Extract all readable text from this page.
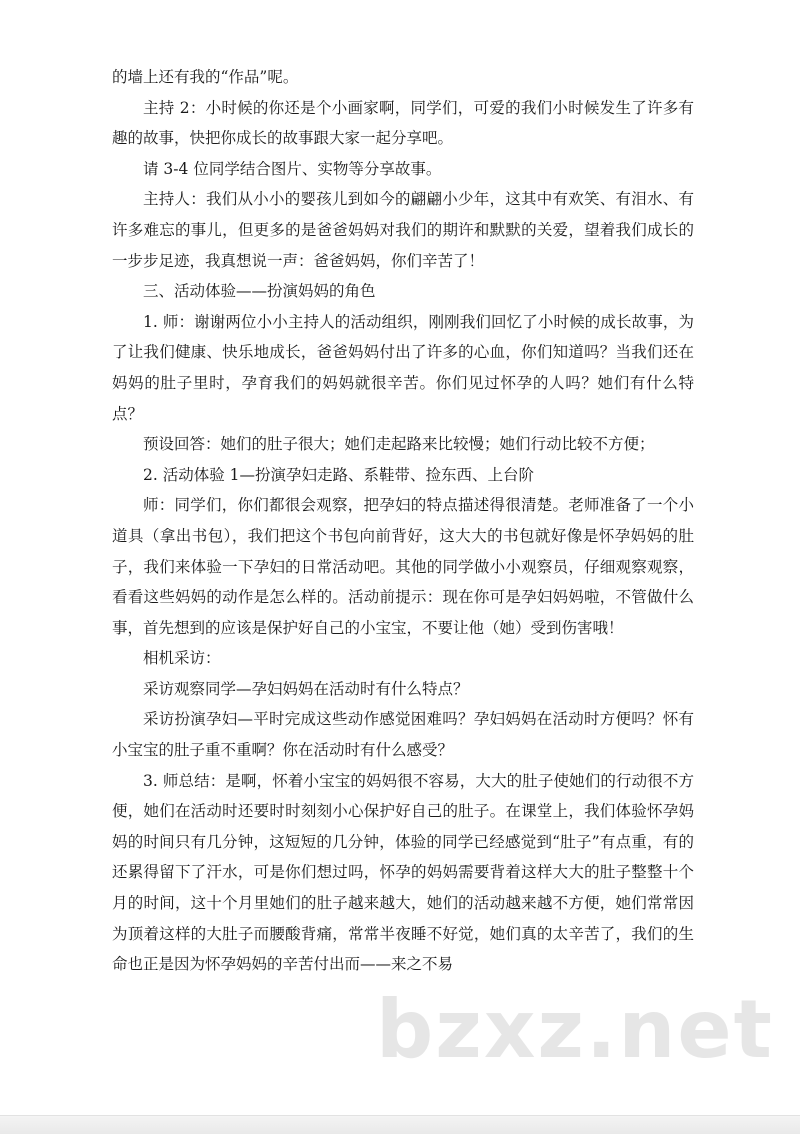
的墙上还有我的“作品”呢。

主持 2：小时候的你还是个小画家啊，同学们，可爱的我们小时候发生了许多有趣的故事，快把你成长的故事跟大家一起分享吧。

请 3-4 位同学结合图片、实物等分享故事。

主持人：我们从小小的婴孩儿到如今的翩翩小少年，这其中有欢笑、有泪水、有许多难忘的事儿，但更多的是爸爸妈妈对我们的期许和默默的关爱，望着我们成长的一步步足迹，我真想说一声：爸爸妈妈，你们辛苦了！

三、活动体验——扮演妈妈的角色

1. 师：谢谢两位小小主持人的活动组织，刚刚我们回忆了小时候的成长故事，为了让我们健康、快乐地成长，爸爸妈妈付出了许多的心血，你们知道吗？当我们还在妈妈的肚子里时，孕育我们的妈妈就很辛苦。你们见过怀孕的人吗？她们有什么特点？

预设回答：她们的肚子很大；她们走起路来比较慢；她们行动比较不方便；

2. 活动体验 1—扮演孕妇走路、系鞋带、捡东西、上台阶

师：同学们，你们都很会观察，把孕妇的特点描述得很清楚。老师准备了一个小道具（拿出书包），我们把这个书包向前背好，这大大的书包就好像是怀孕妈妈的肚子，我们来体验一下孕妇的日常活动吧。其他的同学做小小观察员，仔细观察观察，看看这些妈妈的动作是怎么样的。活动前提示：现在你可是孕妇妈妈啦，不管做什么事，首先想到的应该是保护好自己的小宝宝，不要让他（她）受到伤害哦！

相机采访：

采访观察同学—孕妇妈妈在活动时有什么特点？

采访扮演孕妇—平时完成这些动作感觉困难吗？孕妇妈妈在活动时方便吗？怀有小宝宝的肚子重不重啊？你在活动时有什么感受？

3. 师总结：是啊，怀着小宝宝的妈妈很不容易，大大的肚子使她们的行动很不方便，她们在活动时还要时时刻刻小心保护好自己的肚子。在课堂上，我们体验怀孕妈妈的时间只有几分钟，这短短的几分钟，体验的同学已经感觉到“肚子”有点重，有的还累得留下了汗水，可是你们想过吗，怀孕的妈妈需要背着这样大大的肚子整整十个月的时间，这十个月里她们的肚子越来越大，她们的活动越来越不方便，她们常常因为顶着这样的大肚子而腰酸背痛，常常半夜睡不好觉，她们真的太辛苦了，我们的生命也正是因为怀孕妈妈的辛苦付出而——来之不易

bzxz.net
